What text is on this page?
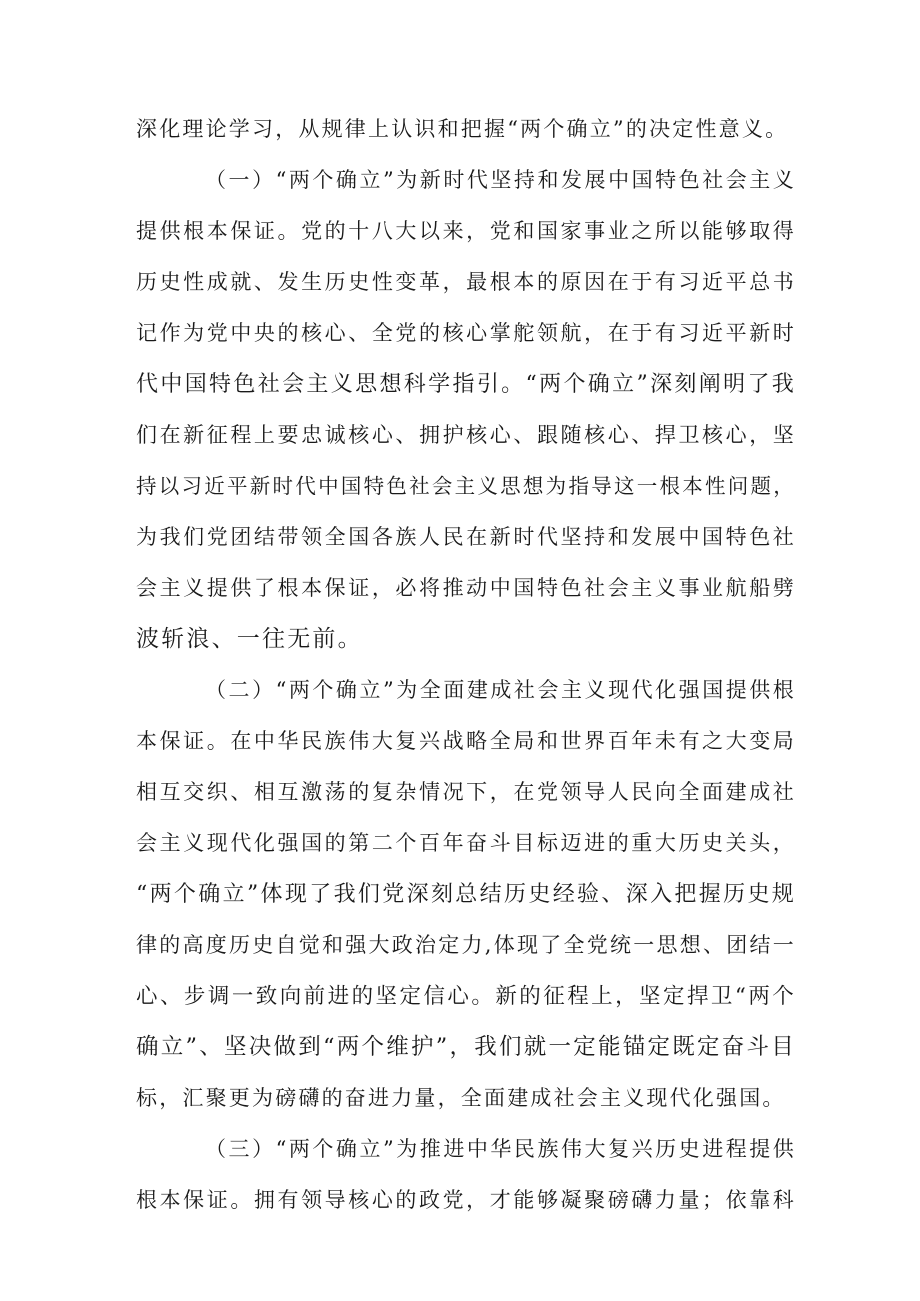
深化理论学习，从规律上认识和把握“两个确立”的决定性意义。
（一）“两个确立”为新时代坚持和发展中国特色社会主义
提供根本保证。党的十八大以来，党和国家事业之所以能够取得
历史性成就、发生历史性变革，最根本的原因在于有习近平总书
记作为党中央的核心、全党的核心掌舵领航，在于有习近平新时
代中国特色社会主义思想科学指引。“两个确立”深刻阐明了我
们在新征程上要忠诚核心、拥护核心、跟随核心、捍卫核心，坚
持以习近平新时代中国特色社会主义思想为指导这一根本性问题，
为我们党团结带领全国各族人民在新时代坚持和发展中国特色社
会主义提供了根本保证，必将推动中国特色社会主义事业航船劈
波斩浪、一往无前。
（二）“两个确立”为全面建成社会主义现代化强国提供根
本保证。在中华民族伟大复兴战略全局和世界百年未有之大变局
相互交织、相互激荡的复杂情况下，在党领导人民向全面建成社
会主义现代化强国的第二个百年奋斗目标迈进的重大历史关头，
“两个确立”体现了我们党深刻总结历史经验、深入把握历史规
律的高度历史自觉和强大政治定力,体现了全党统一思想、团结一
心、步调一致向前进的坚定信心。新的征程上，坚定捍卫“两个
确立”、坚决做到“两个维护”，我们就一定能锚定既定奋斗目
标，汇聚更为磅礴的奋进力量，全面建成社会主义现代化强国。
（三）“两个确立”为推进中华民族伟大复兴历史进程提供
根本保证。拥有领导核心的政党，才能够凝聚磅礴力量；依靠科
